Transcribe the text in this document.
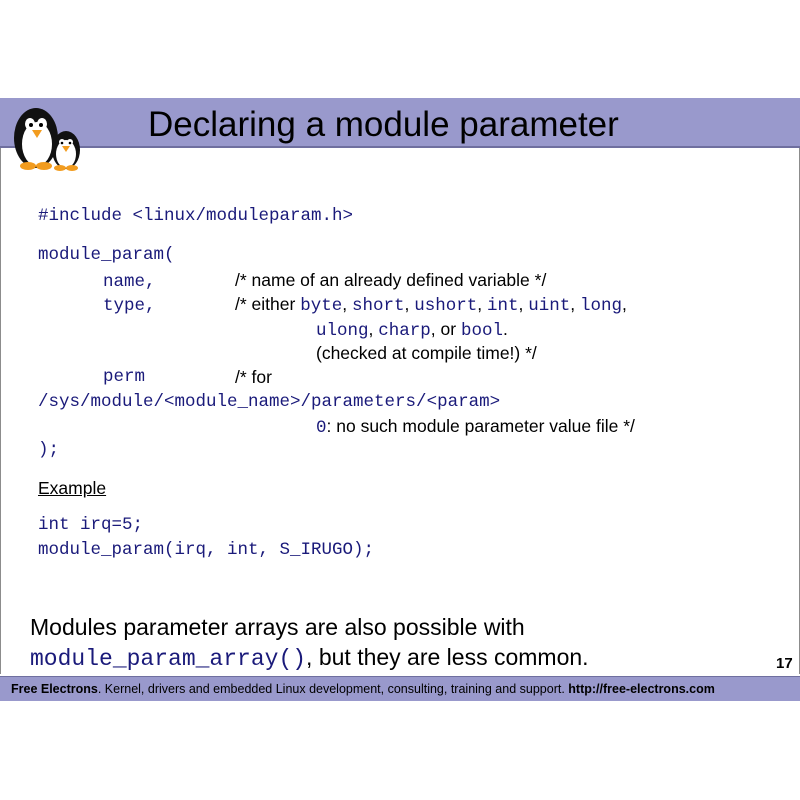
Declaring a module parameter
#include <linux/moduleparam.h>
module_param(
name,	/* name of an already defined variable */
type,	/* either byte, short, ushort, int, uint, long,
ulong, charp, or bool.
(checked at compile time!) */
perm	/* for
/sys/module/<module_name>/parameters/<param>
0: no such module parameter value file */
);
Example
int irq=5;
module_param(irq, int, S_IRUGO);
Modules parameter arrays are also possible with
module_param_array(), but they are less common.	17
Free Electrons. Kernel, drivers and embedded Linux development, consulting, training and support. http://free-electrons.com
